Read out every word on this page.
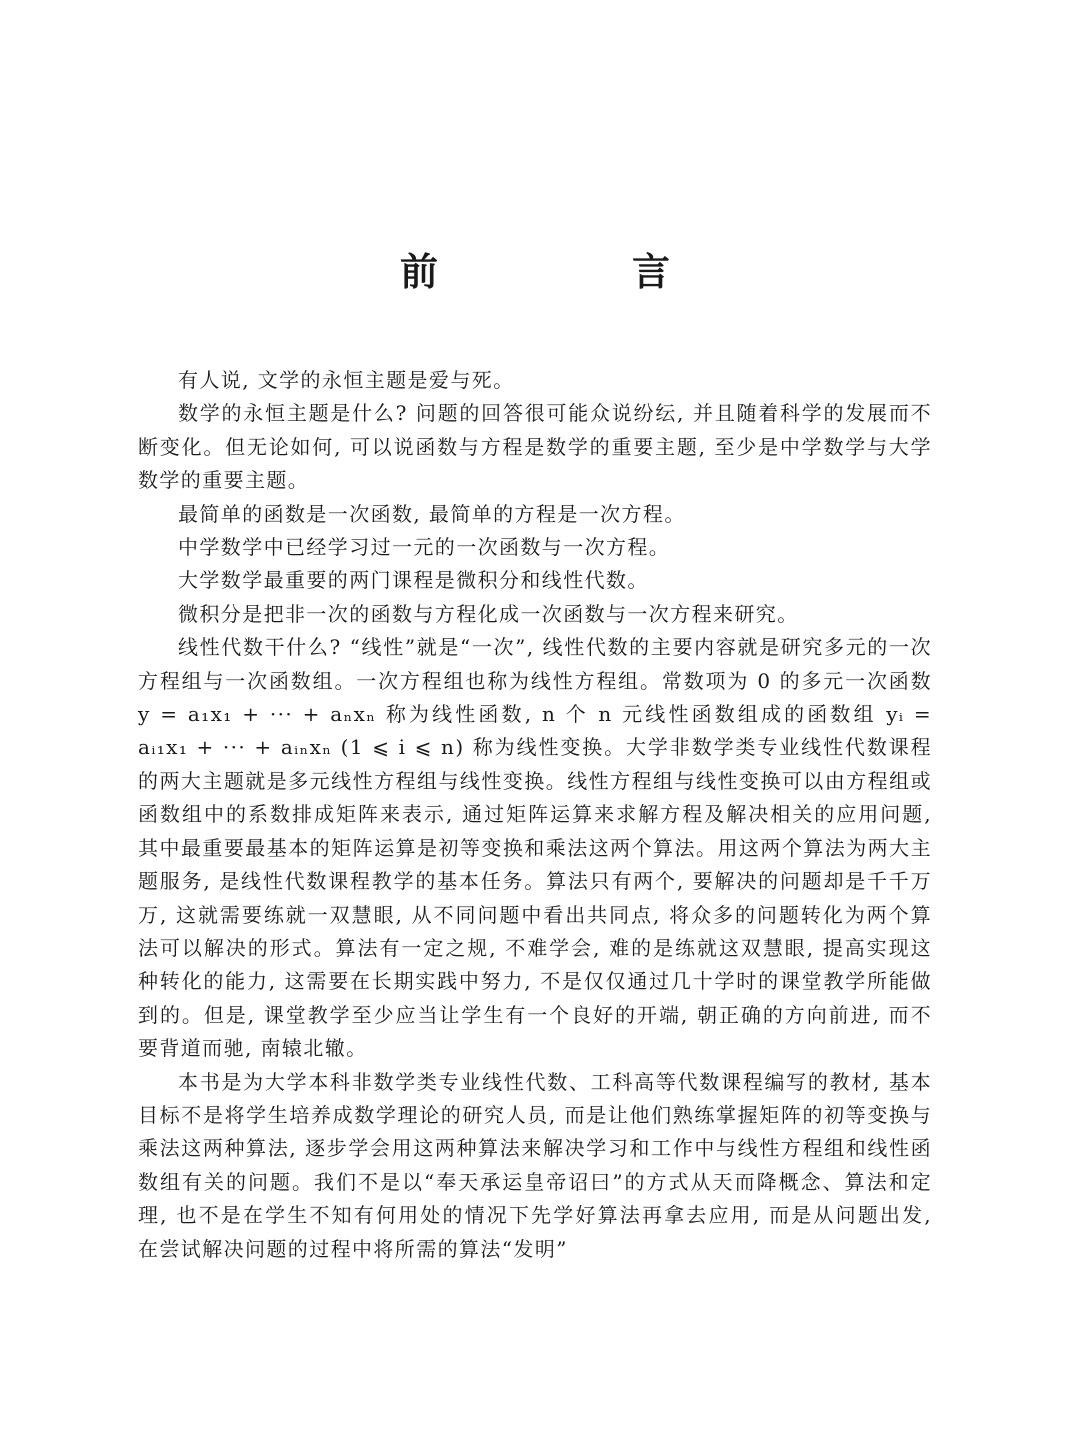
前　言

有人说, 文学的永恒主题是爱与死。

数学的永恒主题是什么? 问题的回答很可能众说纷纭, 并且随着科学的发展而不断变化。但无论如何, 可以说函数与方程是数学的重要主题, 至少是中学数学与大学数学的重要主题。

最简单的函数是一次函数, 最简单的方程是一次方程。

中学数学中已经学习过一元的一次函数与一次方程。

大学数学最重要的两门课程是微积分和线性代数。

微积分是把非一次的函数与方程化成一次函数与一次方程来研究。

线性代数干什么? “线性”就是“一次”, 线性代数的主要内容就是研究多元的一次方程组与一次函数组。一次方程组也称为线性方程组。常数项为 0 的多元一次函数 y = a₁x₁ + ··· + aₙxₙ 称为线性函数, n 个 n 元线性函数组成的函数组 yᵢ = aᵢ₁x₁ + ··· + aᵢₙxₙ (1 ⩽ i ⩽ n) 称为线性变换。大学非数学类专业线性代数课程的两大主题就是多元线性方程组与线性变换。线性方程组与线性变换可以由方程组或函数组中的系数排成矩阵来表示, 通过矩阵运算来求解方程及解决相关的应用问题, 其中最重要最基本的矩阵运算是初等变换和乘法这两个算法。用这两个算法为两大主题服务, 是线性代数课程教学的基本任务。算法只有两个, 要解决的问题却是千千万万, 这就需要练就一双慧眼, 从不同问题中看出共同点, 将众多的问题转化为两个算法可以解决的形式。算法有一定之规, 不难学会, 难的是练就这双慧眼, 提高实现这种转化的能力, 这需要在长期实践中努力, 不是仅仅通过几十学时的课堂教学所能做到的。但是, 课堂教学至少应当让学生有一个良好的开端, 朝正确的方向前进, 而不要背道而驰, 南辕北辙。

本书是为大学本科非数学类专业线性代数、工科高等代数课程编写的教材, 基本目标不是将学生培养成数学理论的研究人员, 而是让他们熟练掌握矩阵的初等变换与乘法这两种算法, 逐步学会用这两种算法来解决学习和工作中与线性方程组和线性函数组有关的问题。我们不是以“奉天承运皇帝诏曰”的方式从天而降概念、算法和定理, 也不是在学生不知有何用处的情况下先学好算法再拿去应用, 而是从问题出发, 在尝试解决问题的过程中将所需的算法“发明”
